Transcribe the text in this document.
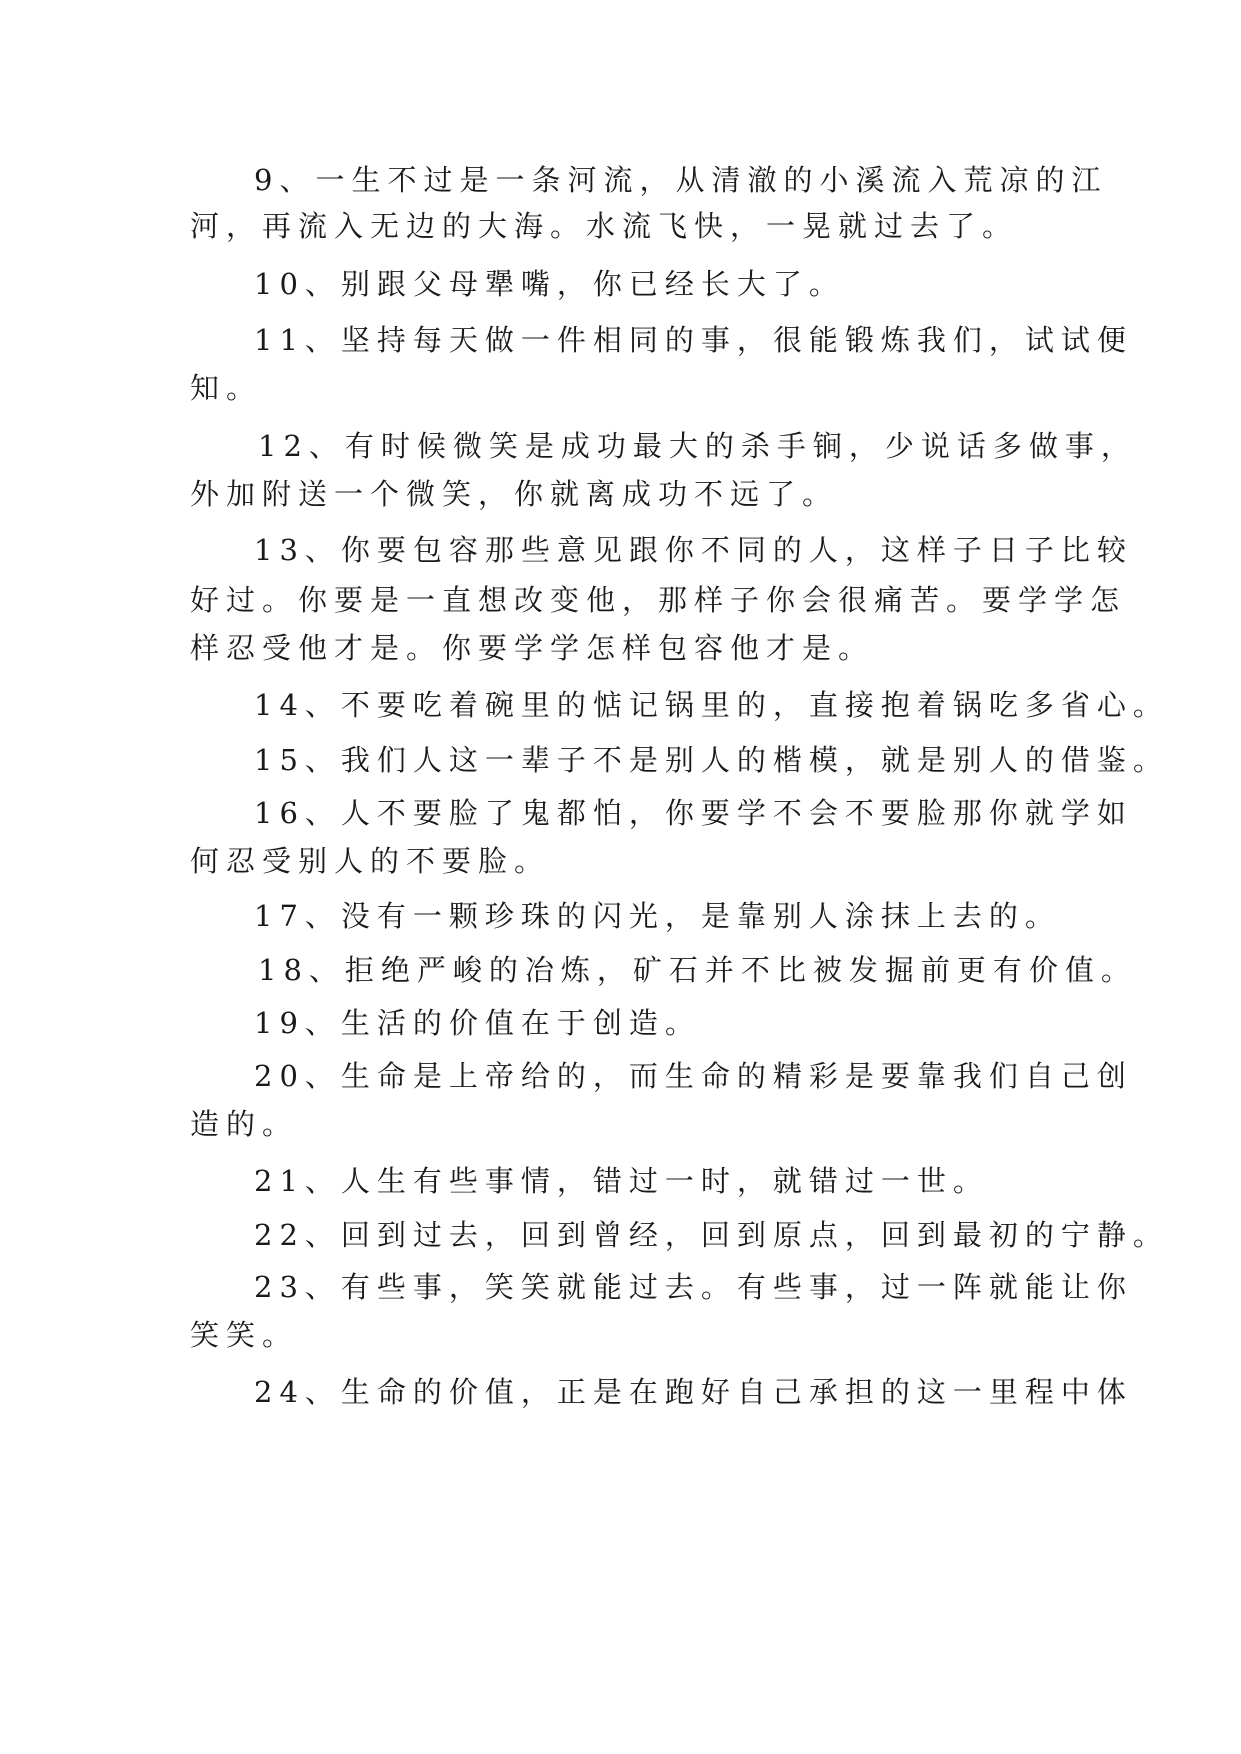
9、一生不过是一条河流，从清澈的小溪流入荒凉的江
河，再流入无边的大海。水流飞快，一晃就过去了。
10、别跟父母犟嘴，你已经长大了。
11、坚持每天做一件相同的事，很能锻炼我们，试试便
知。
12、有时候微笑是成功最大的杀手锏，少说话多做事，
外加附送一个微笑，你就离成功不远了。
13、你要包容那些意见跟你不同的人，这样子日子比较
好过。你要是一直想改变他，那样子你会很痛苦。要学学怎
样忍受他才是。你要学学怎样包容他才是。
14、不要吃着碗里的惦记锅里的，直接抱着锅吃多省心。
15、我们人这一辈子不是别人的楷模，就是别人的借鉴。
16、人不要脸了鬼都怕，你要学不会不要脸那你就学如
何忍受别人的不要脸。
17、没有一颗珍珠的闪光，是靠别人涂抹上去的。
18、拒绝严峻的冶炼，矿石并不比被发掘前更有价值。
19、生活的价值在于创造。
20、生命是上帝给的，而生命的精彩是要靠我们自己创
造的。
21、人生有些事情，错过一时，就错过一世。
22、回到过去，回到曾经，回到原点，回到最初的宁静。
23、有些事，笑笑就能过去。有些事，过一阵就能让你
笑笑。
24、生命的价值，正是在跑好自己承担的这一里程中体
